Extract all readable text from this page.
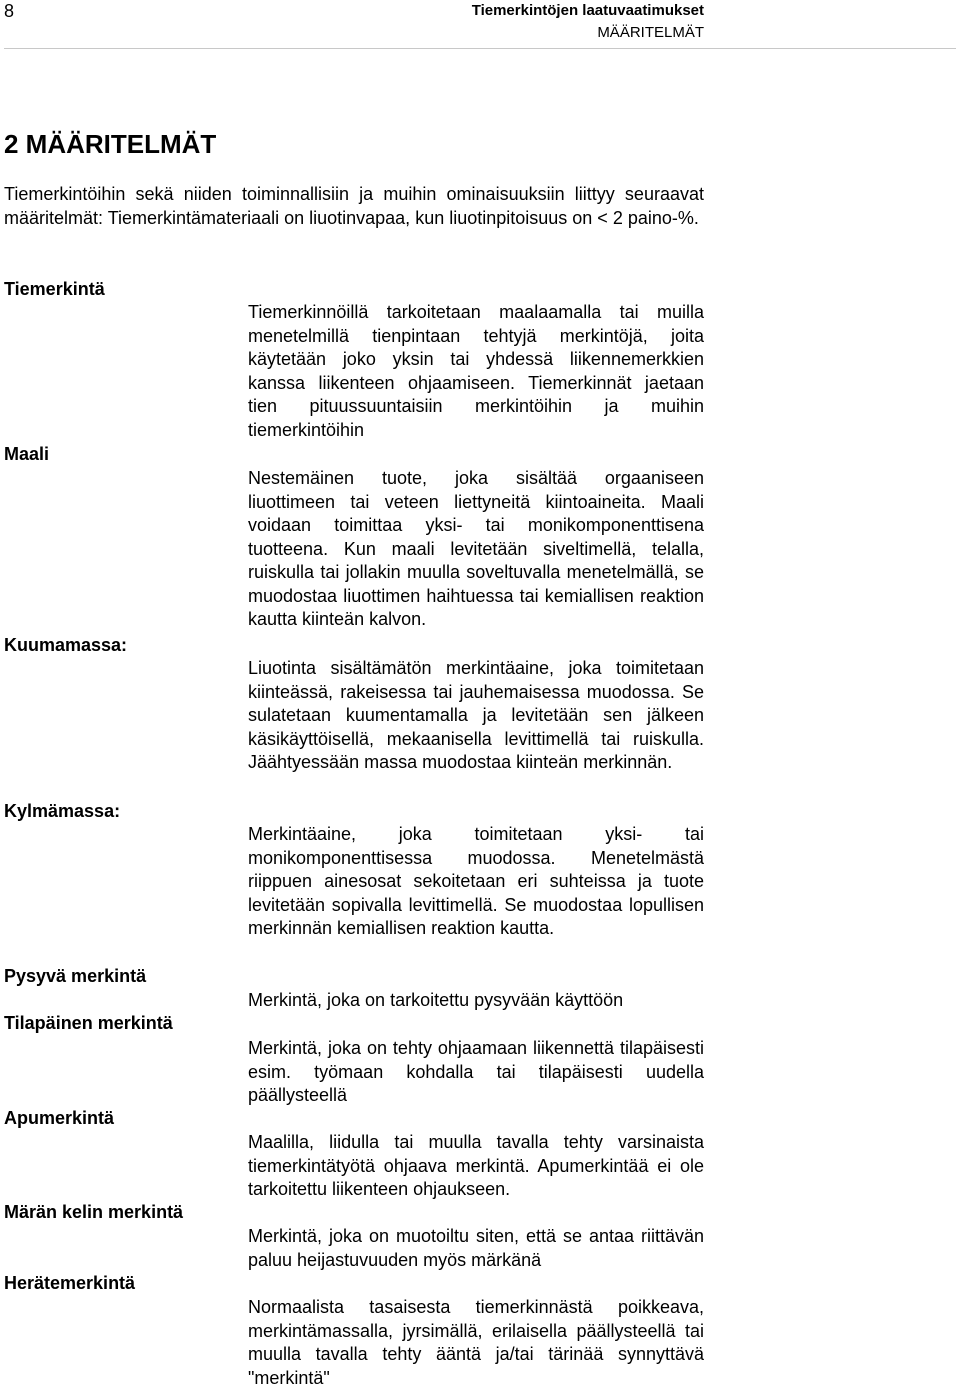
8	Tiemerkintöjen laatuvaatimukset
MÄÄRITELMÄT
2 MÄÄRITELMÄT

Tiemerkintöihin sekä niiden toiminnallisiin ja muihin ominaisuuksiin liittyy seuraavat määritelmät: Tiemerkintämateriaali on liuotinvapaa, kun liuotinpitoisuus on < 2 paino-%.

Tiemerkintä

Tiemerkinnöillä tarkoitetaan maalaamalla tai muilla menetelmillä tienpintaan tehtyjä merkintöjä, joita käytetään joko yksin tai yhdessä liikennemerkkien kanssa liikenteen ohjaamiseen. Tiemerkinnät jaetaan tien pituussuuntaisiin merkintöihin ja muihin tiemerkintöihin

Maali

Nestemäinen tuote, joka sisältää orgaaniseen liuottimeen tai veteen liettyneitä kiintoaineita. Maali voidaan toimittaa yksi- tai monikomponenttisena tuotteena. Kun maali levitetään siveltimellä, telalla, ruiskulla tai jollakin muulla soveltuvalla menetelmällä, se muodostaa liuottimen haihtuessa tai kemiallisen reaktion kautta kiinteän kalvon.

Kuumamassa:

Liuotinta sisältämätön merkintäaine, joka toimitetaan kiinteässä, rakeisessa tai jauhemaisessa muodossa. Se sulatetaan kuumentamalla ja levitetään sen jälkeen käsikäyttöisellä, mekaanisella levittimellä tai ruiskulla. Jäähtyessään massa muodostaa kiinteän merkinnän.

Kylmämassa:

Merkintäaine, joka toimitetaan yksi- tai monikomponenttisessa muodossa. Menetelmästä riippuen ainesosat sekoitetaan eri suhteissa ja tuote levitetään sopivalla levittimellä. Se muodostaa lopullisen merkinnän kemiallisen reaktion kautta.

Pysyvä merkintä

Merkintä, joka on tarkoitettu pysyvään käyttöön

Tilapäinen merkintä

Merkintä, joka on tehty ohjaamaan liikennettä tilapäisesti esim. työmaan kohdalla tai tilapäisesti uudella päällysteellä

Apumerkintä

Maalilla, liidulla tai muulla tavalla tehty varsinaista tiemerkintätyötä ohjaava merkintä. Apumerkintää ei ole tarkoitettu liikenteen ohjaukseen.

Märän kelin merkintä

Merkintä, joka on muotoiltu siten, että se antaa riittävän paluu heijastuvuuden myös märkänä

Herätemerkintä

Normaalista tasaisesta tiemerkinnästä poikkeava, merkintämassalla, jyrsimällä, erilaisella päällysteellä tai muulla tavalla tehty ääntä ja/tai tärinää synnyttävä "merkintä"
